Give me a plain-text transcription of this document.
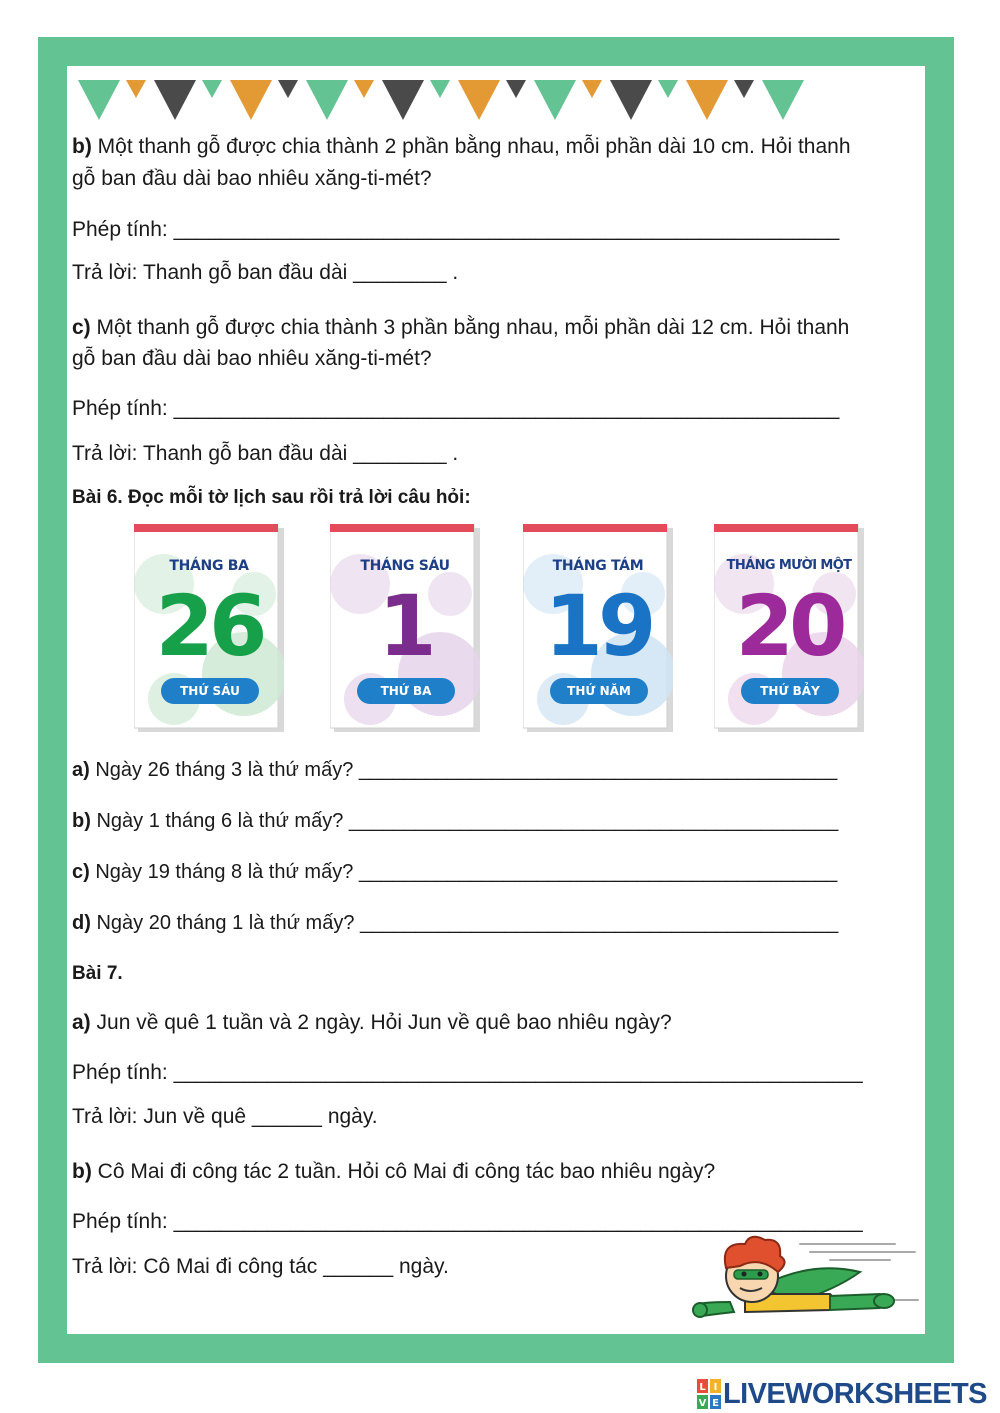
b) Một thanh gỗ được chia thành 2 phần bằng nhau, mỗi phần dài 10 cm. Hỏi thanh
gỗ ban đầu dài bao nhiêu xăng-ti-mét?
Phép tính: _________________________________________________________
Trả lời: Thanh gỗ ban đầu dài ________ .
c) Một thanh gỗ được chia thành 3 phần bằng nhau, mỗi phần dài 12 cm. Hỏi thanh
gỗ ban đầu dài bao nhiêu xăng-ti-mét?
Phép tính: _________________________________________________________
Trả lời: Thanh gỗ ban đầu dài ________ .
Bài 6. Đọc mỗi tờ lịch sau rồi trả lời câu hỏi:
THÁNG BA
26
THỨ SÁU
THÁNG SÁU
1
THỨ BA
THÁNG TÁM
19
THỨ NĂM
THÁNG MƯỜI MỘT
20
THỨ BẢY
a) Ngày 26 tháng 3 là thứ mấy? ___________________________________________
b) Ngày 1 tháng 6 là thứ mấy? ____________________________________________
c) Ngày 19 tháng 8 là thứ mấy? ___________________________________________
d) Ngày 20 tháng 1 là thứ mấy? ___________________________________________
Bài 7.
a) Jun về quê 1 tuần và 2 ngày. Hỏi Jun về quê bao nhiêu ngày?
Phép tính: ___________________________________________________________
Trả lời: Jun về quê ______ ngày.
b) Cô Mai đi công tác 2 tuần. Hỏi cô Mai đi công tác bao nhiêu ngày?
Phép tính: ___________________________________________________________
Trả lời: Cô Mai đi công tác ______ ngày.
L I
V E LIVEWORKSHEETS
